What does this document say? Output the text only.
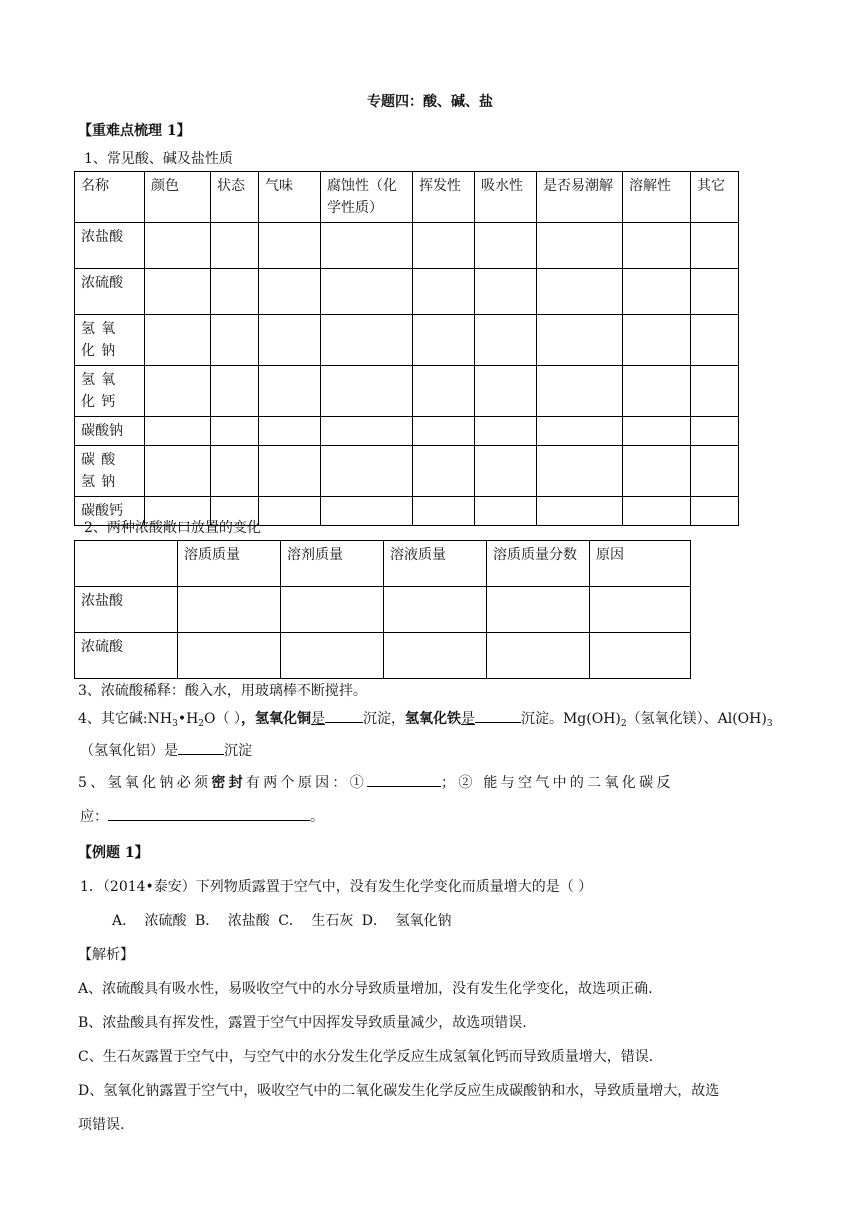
专题四：酸、碱、盐
【重难点梳理 1】
1、常见酸、碱及盐性质
名称	颜色	状态	气味	腐蚀性（化学性质）	挥发性	吸水性	是否易潮解	溶解性	其它
浓盐酸									
浓硫酸									
氢氧化钠									
氢氧化钙									
碳酸钠									
碳酸氢钠									
碳酸钙									
2、两种浓酸敞口放置的变化
	溶质质量	溶剂质量	溶液质量	溶质质量分数	原因
浓盐酸					
浓硫酸					
3、浓硫酸稀释：酸入水，用玻璃棒不断搅拌。
4、其它碱$:NH_3•H_2O$（ ），氢氧化铜是	沉淀，氢氧化铁是	沉淀。$Mg(OH)_2$（氢氧化镁）、$Al(OH)_3$
（氢氧化铝）是	沉淀
5、氢氧化钠必须密封有两个原因：①	；② 能与空气中的二氧化碳反
应：	。
【例题 1】
1．（2014•泰安）下列物质露置于空气中，没有发生化学变化而质量增大的是（ ）
A． 浓硫酸 B． 浓盐酸 C． 生石灰 D． 氢氧化钠
【解析】
A、浓硫酸具有吸水性，易吸收空气中的水分导致质量增加，没有发生化学变化，故选项正确.
B、浓盐酸具有挥发性，露置于空气中因挥发导致质量减少，故选项错误.
C、生石灰露置于空气中，与空气中的水分发生化学反应生成氢氧化钙而导致质量增大，错误.
D、氢氧化钠露置于空气中，吸收空气中的二氧化碳发生化学反应生成碳酸钠和水，导致质量增大，故选
项错误.
